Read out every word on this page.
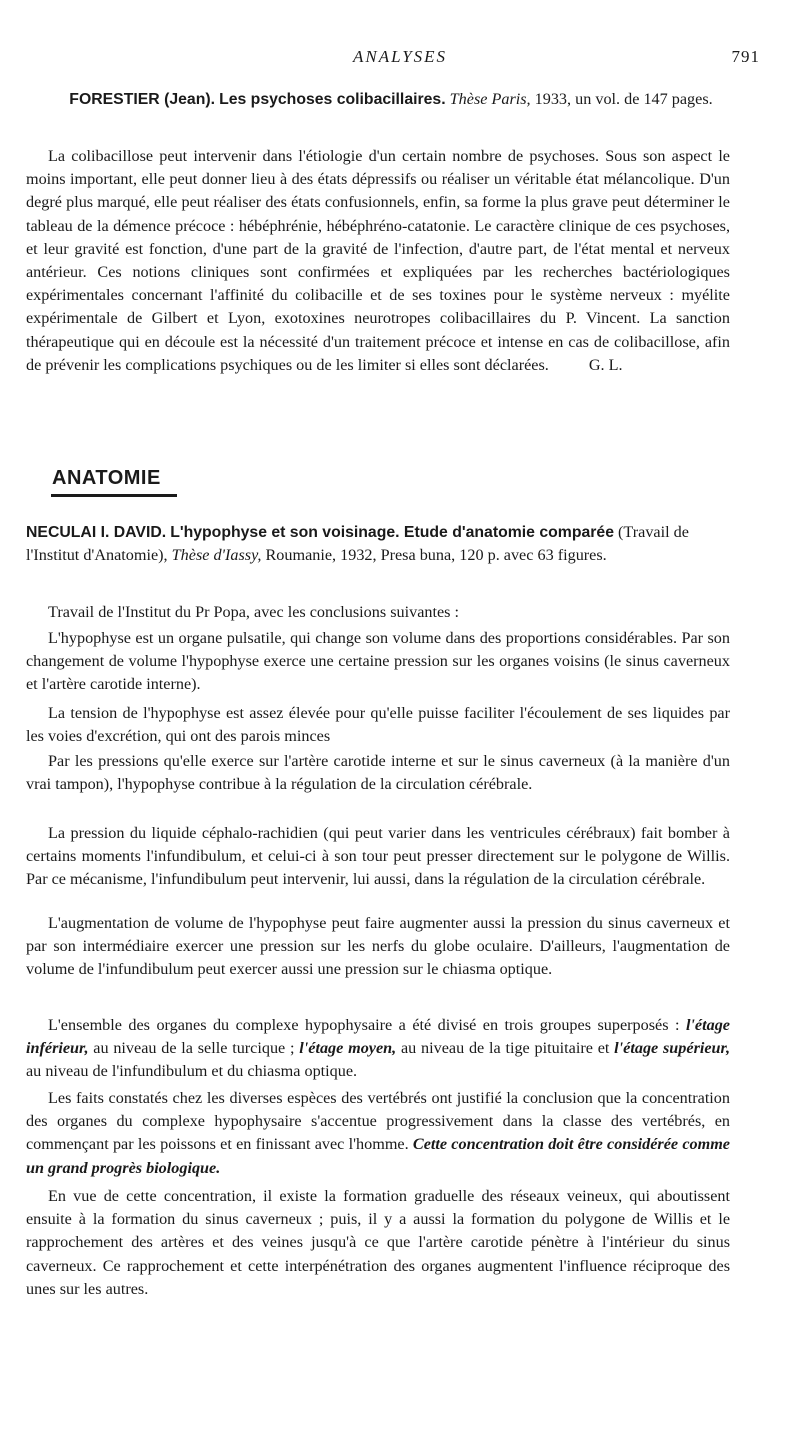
ANALYSES	791

FORESTIER (Jean). Les psychoses colibacillaires. Thèse Paris, 1933, un vol. de 147 pages.

La colibacillose peut intervenir dans l'étiologie d'un certain nombre de psychoses. Sous son aspect le moins important, elle peut donner lieu à des états dépressifs ou réaliser un véritable état mélancolique. D'un degré plus marqué, elle peut réaliser des états confusionnels, enfin, sa forme la plus grave peut déterminer le tableau de la démence précoce : hébéphrénie, hébéphréno-catatonie. Le caractère clinique de ces psychoses, et leur gravité est fonction, d'une part de la gravité de l'infection, d'autre part, de l'état mental et nerveux antérieur. Ces notions cliniques sont confirmées et expliquées par les recherches bactériologiques expérimentales concernant l'affinité du colibacille et de ses toxines pour le système nerveux : myélite expérimentale de Gilbert et Lyon, exotoxines neurotropes colibacillaires du P. Vincent. La sanction thérapeutique qui en découle est la nécessité d'un traitement précoce et intense en cas de colibacillose, afin de prévenir les complications psychiques ou de les limiter si elles sont déclarées. G. L.

ANATOMIE

NECULAI I. DAVID. L'hypophyse et son voisinage. Etude d'anatomie comparée (Travail de l'Institut d'Anatomie), Thèse d'Iassy, Roumanie, 1932, Presa buna, 120 p. avec 63 figures.

Travail de l'Institut du Pr Popa, avec les conclusions suivantes :

L'hypophyse est un organe pulsatile, qui change son volume dans des proportions considérables. Par son changement de volume l'hypophyse exerce une certaine pression sur les organes voisins (le sinus caverneux et l'artère carotide interne).

La tension de l'hypophyse est assez élevée pour qu'elle puisse faciliter l'écoulement de ses liquides par les voies d'excrétion, qui ont des parois minces

Par les pressions qu'elle exerce sur l'artère carotide interne et sur le sinus caverneux (à la manière d'un vrai tampon), l'hypophyse contribue à la régulation de la circulation cérébrale.

La pression du liquide céphalo-rachidien (qui peut varier dans les ventricules cérébraux) fait bomber à certains moments l'infundibulum, et celui-ci à son tour peut presser directement sur le polygone de Willis. Par ce mécanisme, l'infundibulum peut intervenir, lui aussi, dans la régulation de la circulation cérébrale.

L'augmentation de volume de l'hypophyse peut faire augmenter aussi la pression du sinus caverneux et par son intermédiaire exercer une pression sur les nerfs du globe oculaire. D'ailleurs, l'augmentation de volume de l'infundibulum peut exercer aussi une pression sur le chiasma optique.

L'ensemble des organes du complexe hypophysaire a été divisé en trois groupes superposés : l'étage inférieur, au niveau de la selle turcique ; l'étage moyen, au niveau de la tige pituitaire et l'étage supérieur, au niveau de l'infundibulum et du chiasma optique.

Les faits constatés chez les diverses espèces des vertébrés ont justifié la conclusion que la concentration des organes du complexe hypophysaire s'accentue progressivement dans la classe des vertébrés, en commençant par les poissons et en finissant avec l'homme. Cette concentration doit être considérée comme un grand progrès biologique.

En vue de cette concentration, il existe la formation graduelle des réseaux veineux, qui aboutissent ensuite à la formation du sinus caverneux ; puis, il y a aussi la formation du polygone de Willis et le rapprochement des artères et des veines jusqu'à ce que l'artère carotide pénètre à l'intérieur du sinus caverneux. Ce rapprochement et cette interpénétration des organes augmentent l'influence réciproque des unes sur les autres.
